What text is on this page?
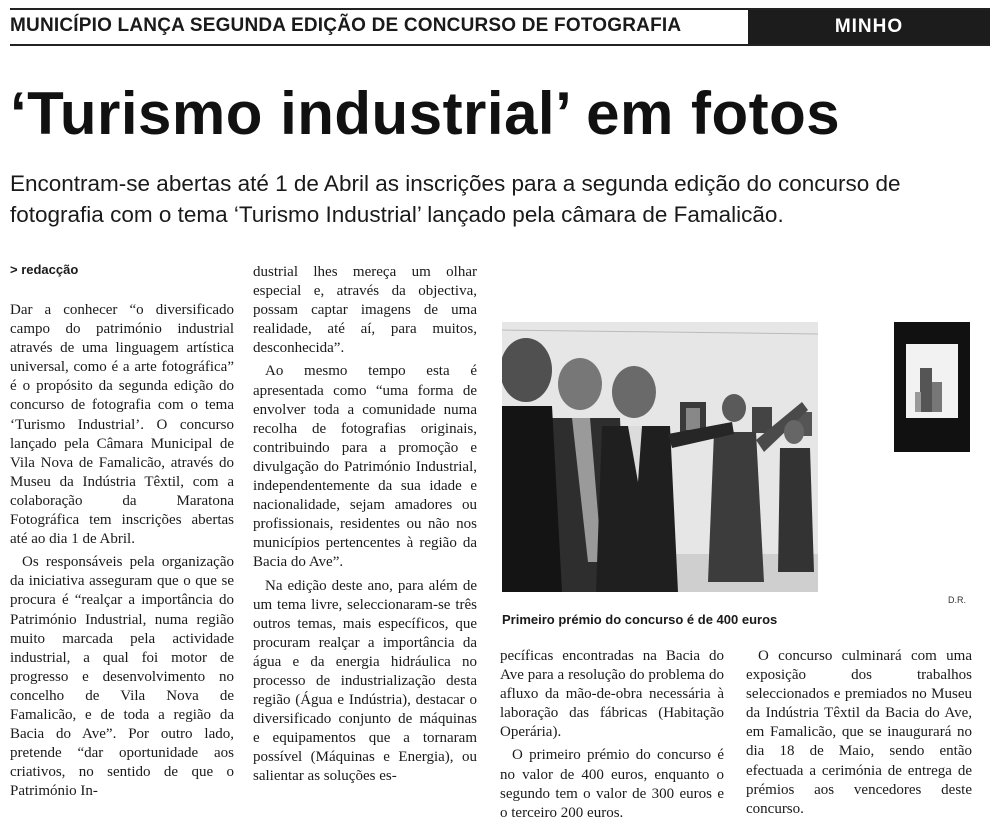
MUNICÍPIO LANÇA SEGUNDA EDIÇÃO DE CONCURSO DE FOTOGRAFIA	MINHO
‘Turismo industrial’ em fotos

Encontram-se abertas até 1 de Abril as inscrições para a segunda edição do concurso de fotografia com o tema ‘Turismo Industrial’ lançado pela câmara de Famalicão.

> redacção

Dar a conhecer “o diversificado campo do património industrial através de uma linguagem artística universal, como é a arte fotográfica” é o propósito da segunda edição do concurso de fotografia com o tema ‘Turismo Industrial’. O concurso lançado pela Câmara Municipal de Vila Nova de Famalicão, através do Museu da Indústria Têxtil, com a colaboração da Maratona Fotográfica tem inscrições abertas até ao dia 1 de Abril.

Os responsáveis pela organização da iniciativa asseguram que o que se procura é “realçar a importância do Património Industrial, numa região muito marcada pela actividade industrial, a qual foi motor de progresso e desenvolvimento no concelho de Vila Nova de Famalicão, e de toda a região da Bacia do Ave”. Por outro lado, pretende “dar oportunidade aos criativos, no sentido de que o Património In-

dustrial lhes mereça um olhar especial e, através da objectiva, possam captar imagens de uma realidade, até aí, para muitos, desconhecida”.

Ao mesmo tempo esta é apresentada como “uma forma de envolver toda a comunidade numa recolha de fotografias originais, contribuindo para a promoção e divulgação do Património Industrial, independentemente da sua idade e nacionalidade, sejam amadores ou profissionais, residentes ou não nos municípios pertencentes à região da Bacia do Ave”.

Na edição deste ano, para além de um tema livre, seleccionaram-se três outros temas, mais específicos, que procuram realçar a importância da água e da energia hidráulica no processo de industrialização desta região (Água e Indústria), destacar o diversificado conjunto de máquinas e equipamentos que a tornaram possível (Máquinas e Energia), ou salientar as soluções es-

D.R.
Primeiro prémio do concurso é de 400 euros

pecíficas encontradas na Bacia do Ave para a resolução do problema do afluxo da mão-de-obra necessária à laboração das fábricas (Habitação Operária).

O primeiro prémio do concurso é no valor de 400 euros, enquanto o segundo tem o valor de 300 euros e o terceiro 200 euros.

O concurso culminará com uma exposição dos trabalhos seleccionados e premiados no Museu da Indústria Têxtil da Bacia do Ave, em Famalicão, que se inaugurará no dia 18 de Maio, sendo então efectuada a cerimónia de entrega de prémios aos vencedores deste concurso.
